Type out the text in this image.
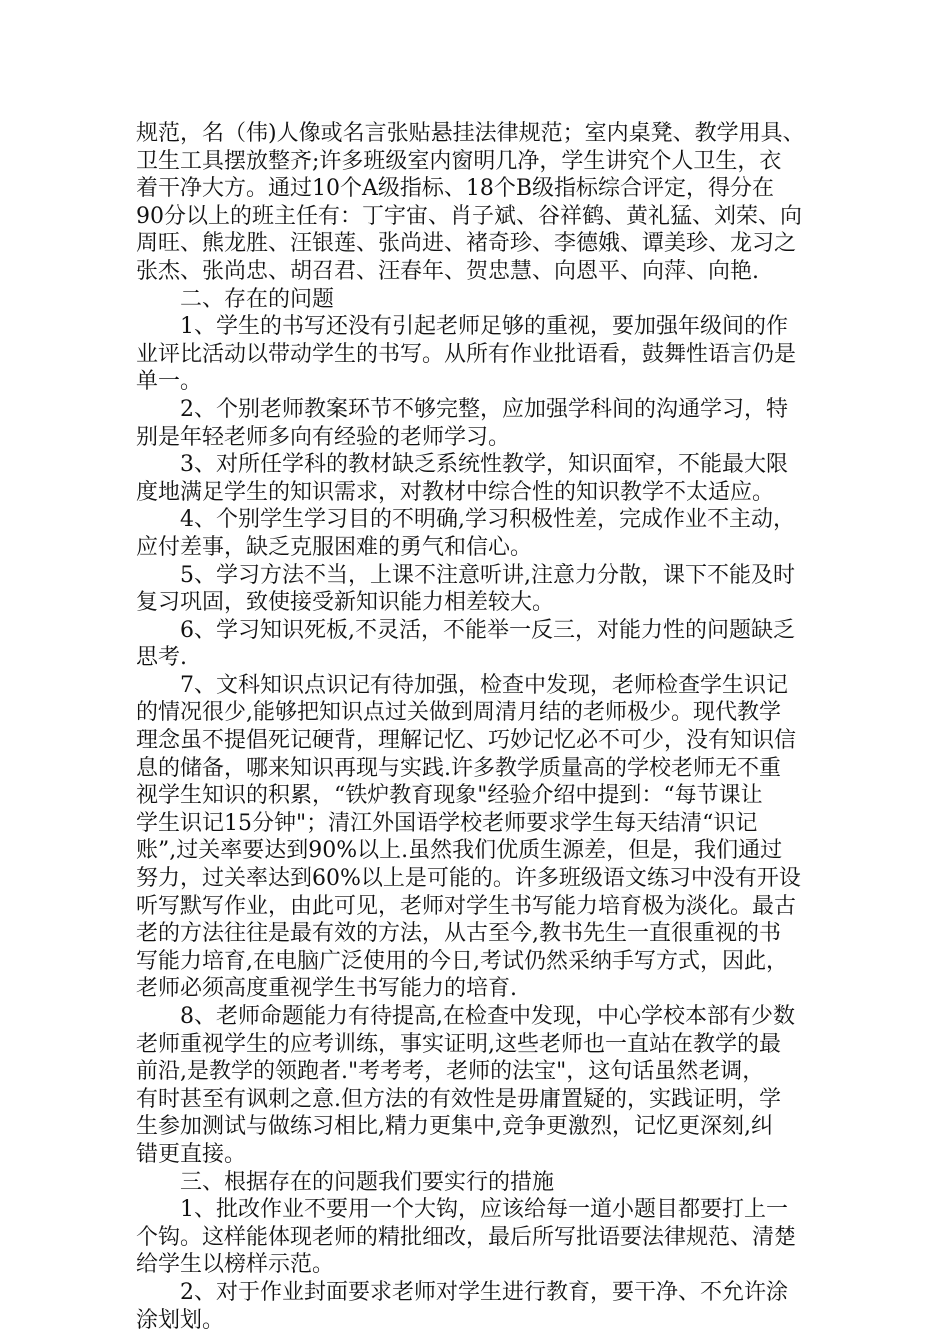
规范，名（伟)人像或名言张贴悬挂法律规范；室内桌凳、教学用具、
卫生工具摆放整齐;许多班级室内窗明几净，学生讲究个人卫生，衣
着干净大方。通过10个A级指标、18个B级指标综合评定，得分在
90分以上的班主任有：丁宇宙、肖子斌、谷祥鹤、黄礼猛、刘荣、向
周旺、熊龙胜、汪银莲、张尚进、褚奇珍、李德娥、谭美珍、龙习之
张杰、张尚忠、胡召君、汪春年、贺忠慧、向恩平、向萍、向艳.
二、存在的问题
1、学生的书写还没有引起老师足够的重视，要加强年级间的作
业评比活动以带动学生的书写。从所有作业批语看，鼓舞性语言仍是
单一。
2、个别老师教案环节不够完整，应加强学科间的沟通学习，特
别是年轻老师多向有经验的老师学习。
3、对所任学科的教材缺乏系统性教学，知识面窄，不能最大限
度地满足学生的知识需求，对教材中综合性的知识教学不太适应。
4、个别学生学习目的不明确,学习积极性差，完成作业不主动，
应付差事，缺乏克服困难的勇气和信心。
5、学习方法不当，上课不注意听讲,注意力分散，课下不能及时
复习巩固，致使接受新知识能力相差较大。
6、学习知识死板,不灵活，不能举一反三，对能力性的问题缺乏
思考.
7、文科知识点识记有待加强，检查中发现，老师检查学生识记
的情况很少,能够把知识点过关做到周清月结的老师极少。现代教学
理念虽不提倡死记硬背，理解记忆、巧妙记忆必不可少，没有知识信
息的储备，哪来知识再现与实践.许多教学质量高的学校老师无不重
视学生知识的积累，“铁炉教育现象"经验介绍中提到：“每节课让
学生识记15分钟"；清江外国语学校老师要求学生每天结清“识记
账”,过关率要达到90%以上.虽然我们优质生源差，但是，我们通过
努力，过关率达到60%以上是可能的。许多班级语文练习中没有开设
听写默写作业，由此可见，老师对学生书写能力培育极为淡化。最古
老的方法往往是最有效的方法，从古至今,教书先生一直很重视的书
写能力培育,在电脑广泛使用的今日,考试仍然采纳手写方式，因此，
老师必须高度重视学生书写能力的培育.
8、老师命题能力有待提高,在检查中发现，中心学校本部有少数
老师重视学生的应考训练，事实证明,这些老师也一直站在教学的最
前沿,是教学的领跑者."考考考，老师的法宝"，这句话虽然老调，
有时甚至有讽刺之意.但方法的有效性是毋庸置疑的，实践证明，学
生参加测试与做练习相比,精力更集中,竞争更激烈，记忆更深刻,纠
错更直接。
三、根据存在的问题我们要实行的措施
1、批改作业不要用一个大钩，应该给每一道小题目都要打上一
个钩。这样能体现老师的精批细改，最后所写批语要法律规范、清楚
给学生以榜样示范。
2、对于作业封面要求老师对学生进行教育，要干净、不允许涂
涂划划。
